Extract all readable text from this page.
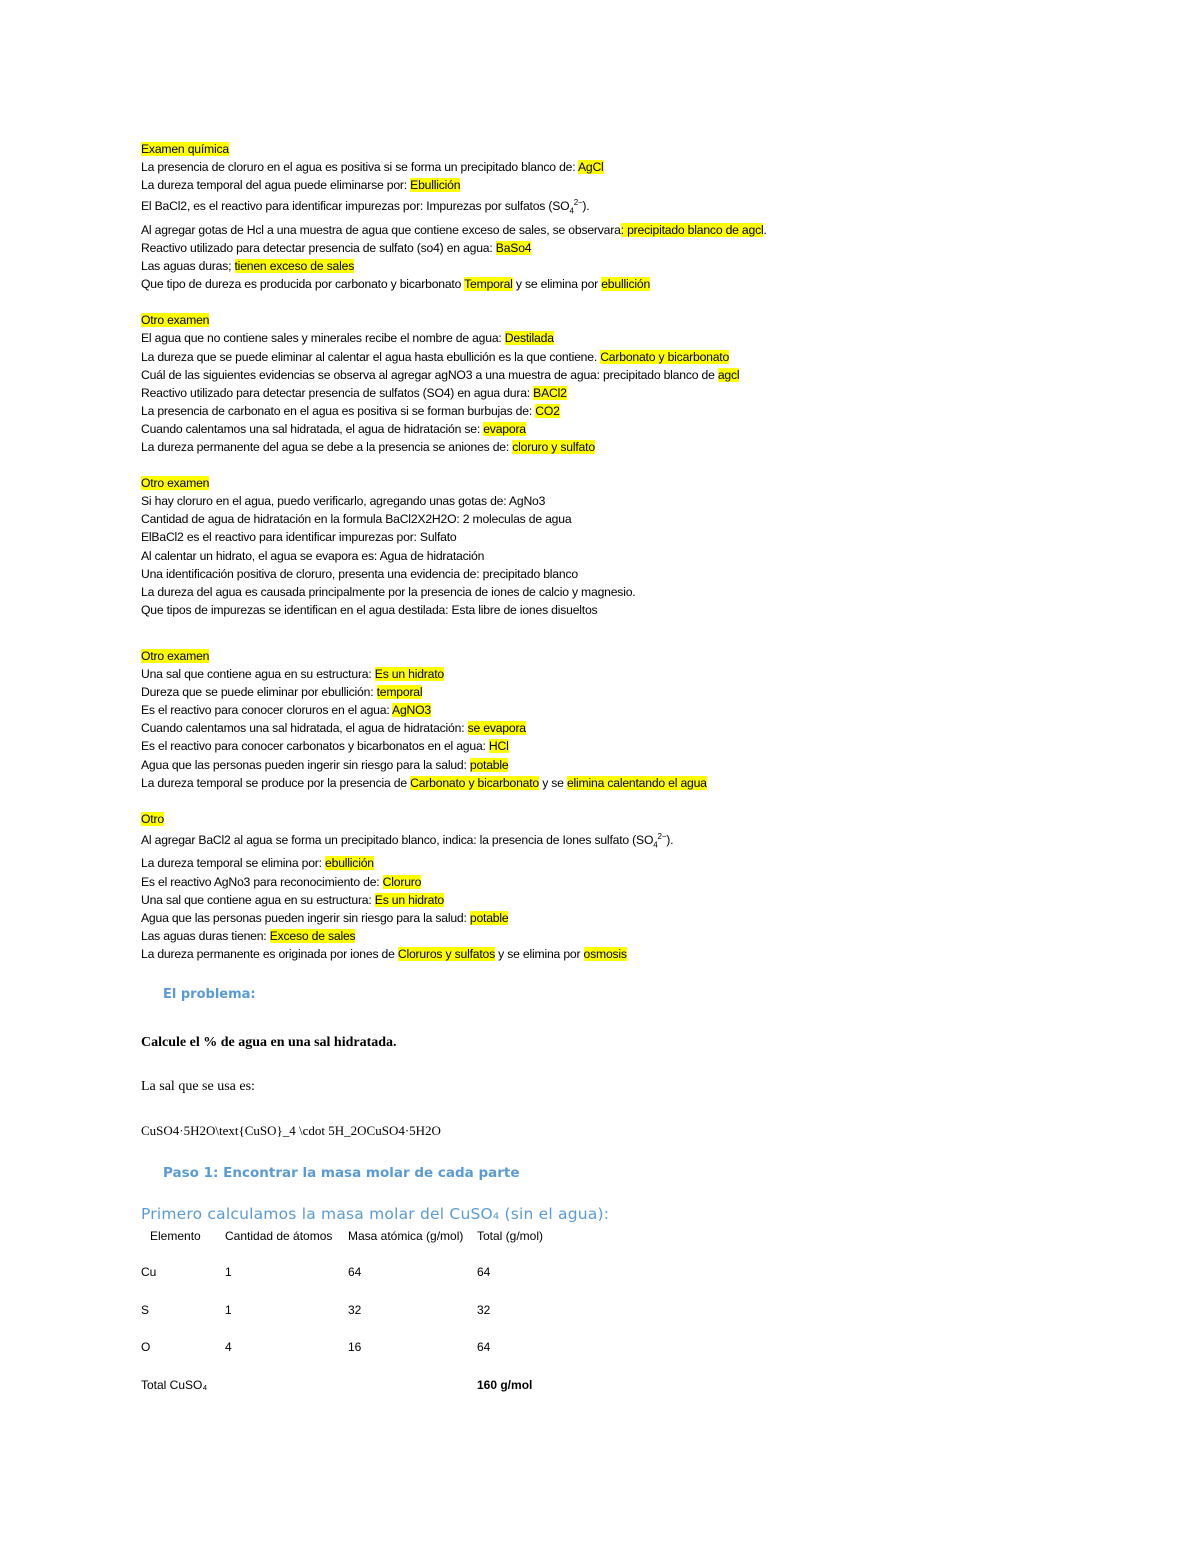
Examen química
La presencia de cloruro en el agua es positiva si se forma un precipitado blanco de: AgCl
La dureza temporal del agua puede eliminarse por: Ebullición
El BaCl2, es el reactivo para identificar impurezas por: Impurezas por sulfatos $(SO_4^{2-})$.
Al agregar gotas de Hcl a una muestra de agua que contiene exceso de sales, se observara: precipitado blanco de agcl.
Reactivo utilizado para detectar presencia de sulfato (so4) en agua: BaSo4
Las aguas duras; tienen exceso de sales
Que tipo de dureza es producida por carbonato y bicarbonato Temporal y se elimina por ebullición
Otro examen
El agua que no contiene sales y minerales recibe el nombre de agua: Destilada
La dureza que se puede eliminar al calentar el agua hasta ebullición es la que contiene. Carbonato y bicarbonato
Cuál de las siguientes evidencias se observa al agregar agNO3 a una muestra de agua: precipitado blanco de agcl
Reactivo utilizado para detectar presencia de sulfatos (SO4) en agua dura: BACl2
La presencia de carbonato en el agua es positiva si se forman burbujas de: CO2
Cuando calentamos una sal hidratada, el agua de hidratación se: evapora
La dureza permanente del agua se debe a la presencia se aniones de: cloruro y sulfato
Otro examen
Si hay cloruro en el agua, puedo verificarlo, agregando unas gotas de: AgNo3
Cantidad de agua de hidratación en la formula BaCl2X2H2O: 2 moleculas de agua
ElBaCl2 es el reactivo para identificar impurezas por: Sulfato
Al calentar un hidrato, el agua se evapora es: Agua de hidratación
Una identificación positiva de cloruro, presenta una evidencia de: precipitado blanco
La dureza del agua es causada principalmente por la presencia de iones de calcio y magnesio.
Que tipos de impurezas se identifican en el agua destilada: Esta libre de iones disueltos
Otro examen
Una sal que contiene agua en su estructura: Es un hidrato
Dureza que se puede eliminar por ebullición: temporal
Es el reactivo para conocer cloruros en el agua: AgNO3
Cuando calentamos una sal hidratada, el agua de hidratación: se evapora
Es el reactivo para conocer carbonatos y bicarbonatos en el agua: HCl
Agua que las personas pueden ingerir sin riesgo para la salud: potable
La dureza temporal se produce por la presencia de Carbonato y bicarbonato y se elimina calentando el agua
Otro
Al agregar BaCl2 al agua se forma un precipitado blanco, indica: la presencia de Iones sulfato $(SO_4^{2-})$.
La dureza temporal se elimina por: ebullición
Es el reactivo AgNo3 para reconocimiento de: Cloruro
Una sal que contiene agua en su estructura: Es un hidrato
Agua que las personas pueden ingerir sin riesgo para la salud: potable
Las aguas duras tienen: Exceso de sales
La dureza permanente es originada por iones de Cloruros y sulfatos y se elimina por osmosis
El problema:
Calcule el % de agua en una sal hidratada.
La sal que se usa es:
CuSO4·5H2O\text{CuSO}_4 \cdot 5H_2OCuSO4·5H2O
Paso 1: Encontrar la masa molar de cada parte
Primero calculamos la masa molar del CuSO₄ (sin el agua):
Elemento	Cantidad de átomos	Masa atómica (g/mol)	Total (g/mol)
Cu	1	64	64
S	1	32	32
O	4	16	64
Total CuSO₄			160 g/mol
